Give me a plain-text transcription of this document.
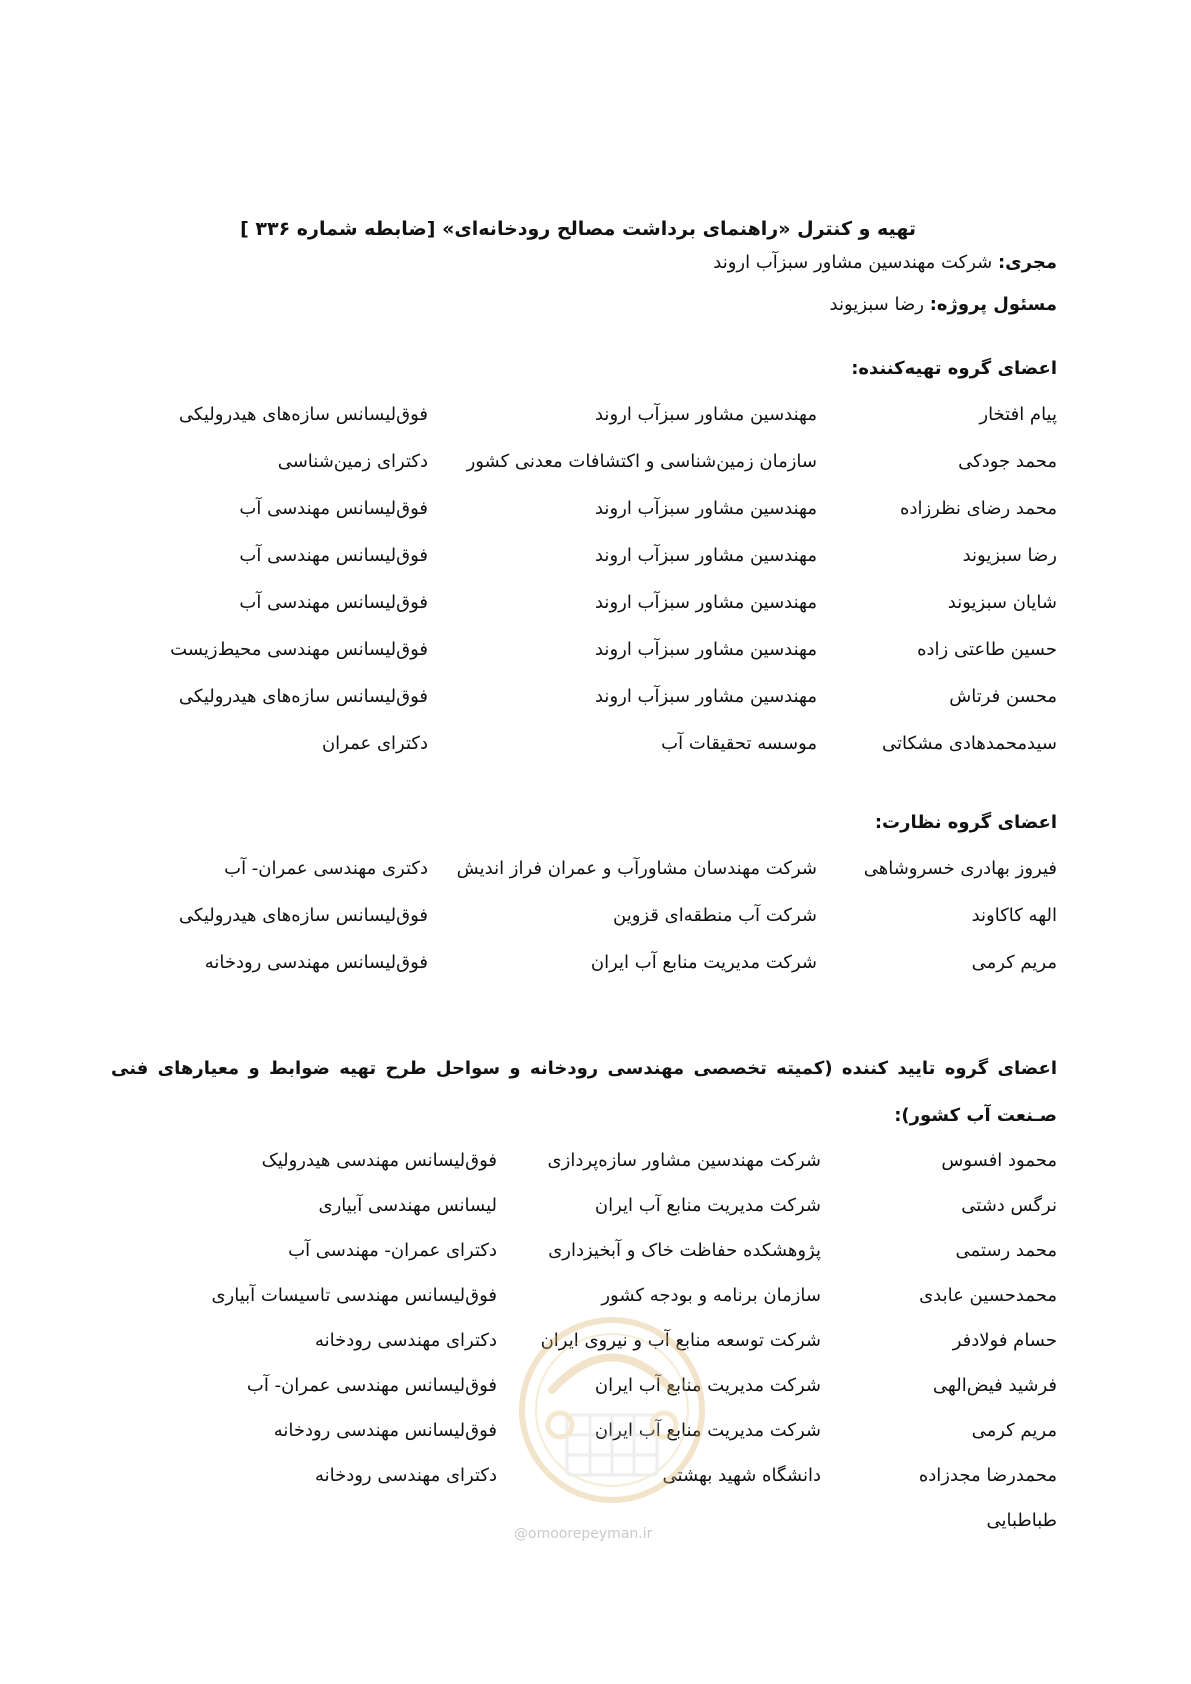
تهیه و کنترل «راهنمای برداشت مصالح رودخانه‌ای» [ضابطه شماره ۳۳۶ ]
مجری: شرکت مهندسین مشاور سبزآب اروند
مسئول پروژه: رضا سبزیوند
اعضای گروه تهیه‌کننده:
پیام افتخار
مهندسین مشاور سبزآب اروند
فوق‌لیسانس سازه‌های هیدرولیکی
محمد جودکی
سازمان زمین‌شناسی و اکتشافات معدنی کشور
دکترای زمین‌شناسی
محمد رضای نظرزاده
مهندسین مشاور سبزآب اروند
فوق‌لیسانس مهندسی آب
رضا سبزیوند
مهندسین مشاور سبزآب اروند
فوق‌لیسانس مهندسی آب
شایان سبزیوند
مهندسین مشاور سبزآب اروند
فوق‌لیسانس مهندسی آب
حسین طاعتی زاده
مهندسین مشاور سبزآب اروند
فوق‌لیسانس مهندسی محیط‌زیست
محسن فرتاش
مهندسین مشاور سبزآب اروند
فوق‌لیسانس سازه‌های هیدرولیکی
سیدمحمدهادی مشکاتی
موسسه تحقیقات آب
دکترای عمران
اعضای گروه نظارت:
فیروز بهادری خسروشاهی
شرکت مهندسان مشاورآب و عمران فراز اندیش
دکتری مهندسی عمران- آب
الهه کاکاوند
شرکت آب منطقه‌ای قزوین
فوق‌لیسانس سازه‌های هیدرولیکی
مریم کرمی
شرکت مدیریت منابع آب ایران
فوق‌لیسانس مهندسی رودخانه
اعضای گروه تایید کننده (کمیته تخصصی مهندسی رودخانه و سواحل طرح تهیه ضوابط و معیارهای فنی صـنعت آب کشور):
محمود افسوس
شرکت مهندسین مشاور سازه‌پردازی
فوق‌لیسانس مهندسی هیدرولیک
نرگس دشتی
شرکت مدیریت منابع آب ایران
لیسانس مهندسی آبیاری
محمد رستمی
پژوهشکده حفاظت خاک و آبخیزداری
دکترای عمران- مهندسی آب
محمدحسین عابدی
سازمان برنامه و بودجه کشور
فوق‌لیسانس مهندسی تاسیسات آبیاری
حسام فولادفر
شرکت توسعه منابع آب و نیروی ایران
دکترای مهندسی رودخانه
فرشید فیض‌الهی
شرکت مدیریت منابع آب ایران
فوق‌لیسانس مهندسی عمران- آب
مریم کرمی
شرکت مدیریت منابع آب ایران
فوق‌لیسانس مهندسی رودخانه
محمدرضا مجدزاده
دانشگاه شهید بهشتی
دکترای مهندسی رودخانه
طباطبایی
@omoorepeyman.ir
